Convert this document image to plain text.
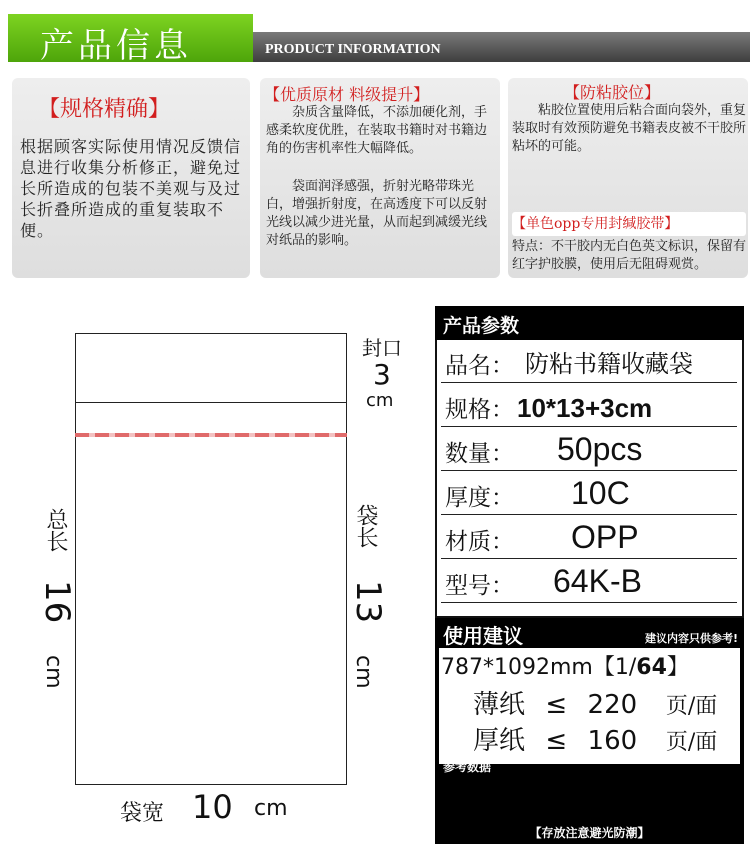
产品信息	PRODUCT INFORMATION
【规格精确】
根据顾客实际使用情况反馈信息进行收集分析修正，避免过长所造成的包装不美观与及过长折叠所造成的重复装取不便。
【优质原材 料级提升】
杂质含量降低，不添加硬化剂，手感柔软度优胜，在装取书籍时对书籍边角的伤害机率性大幅降低。
袋面润泽感强，折射光略带珠光白，增强折射度，在高透度下可以反射光线以减少进光量，从而起到减缓光线对纸品的影响。
【防粘胶位】
粘胶位置使用后粘合面向袋外，重复装取时有效预防避免书籍表皮被不干胶所粘坏的可能。
特点：不干胶内无白色英文标识，保留有红字护胶膜，使用后无阻碍观赏。
【单色opp专用封缄胶带】
封口
3
cm
总长
16
cm
袋长
13
cm
袋宽 10 cm
产品参数
品名： 防粘书籍收藏袋
规格： 10*13+3cm
数量： 50pcs
厚度： 10C
材质： OPP
型号： 64K-B
使用建议	建议内容只供参考!
787*1092mm【1/64】
薄纸 ≤ 220 页/面
厚纸 ≤ 160 页/面
参考数据
【存放注意避光防潮】
